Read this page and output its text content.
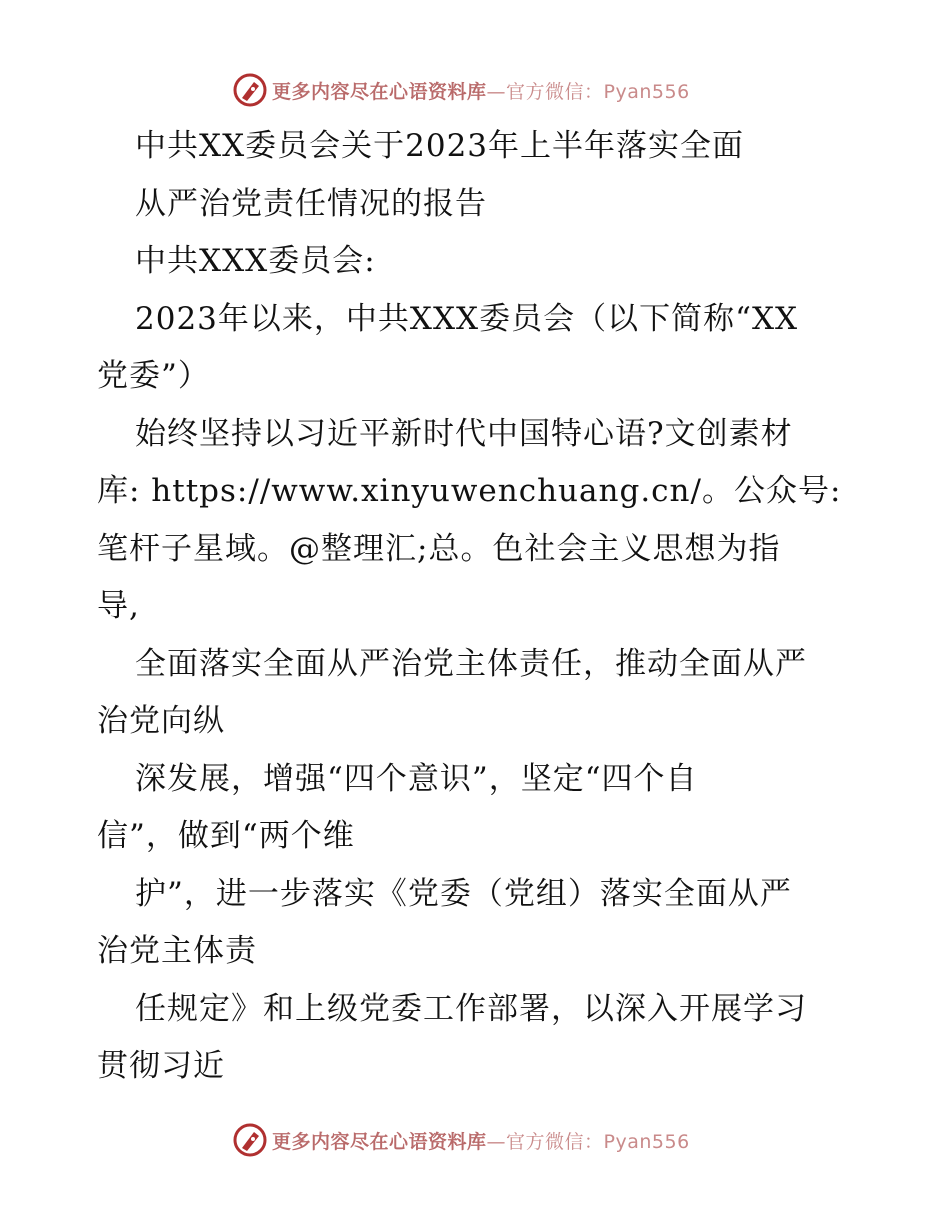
更多内容尽在心语资料库—官方微信：Pyan556
中共XX委员会关于2023年上半年落实全面
从严治党责任情况的报告
中共XXX委员会:
2023年以来，中共XXX委员会（以下简称“XX
党委”）
始终坚持以习近平新时代中国特心语?文创素材
库: https://www.xinyuwenchuang.cn/。公众号:
笔杆子星域。@整理汇;总。色社会主义思想为指
导,
全面落实全面从严治党主体责任，推动全面从严
治党向纵
深发展，增强“四个意识”，坚定“四个自
信”，做到“两个维
护”，进一步落实《党委（党组）落实全面从严
治党主体责
任规定》和上级党委工作部署，以深入开展学习
贯彻习近
更多内容尽在心语资料库—官方微信：Pyan556
